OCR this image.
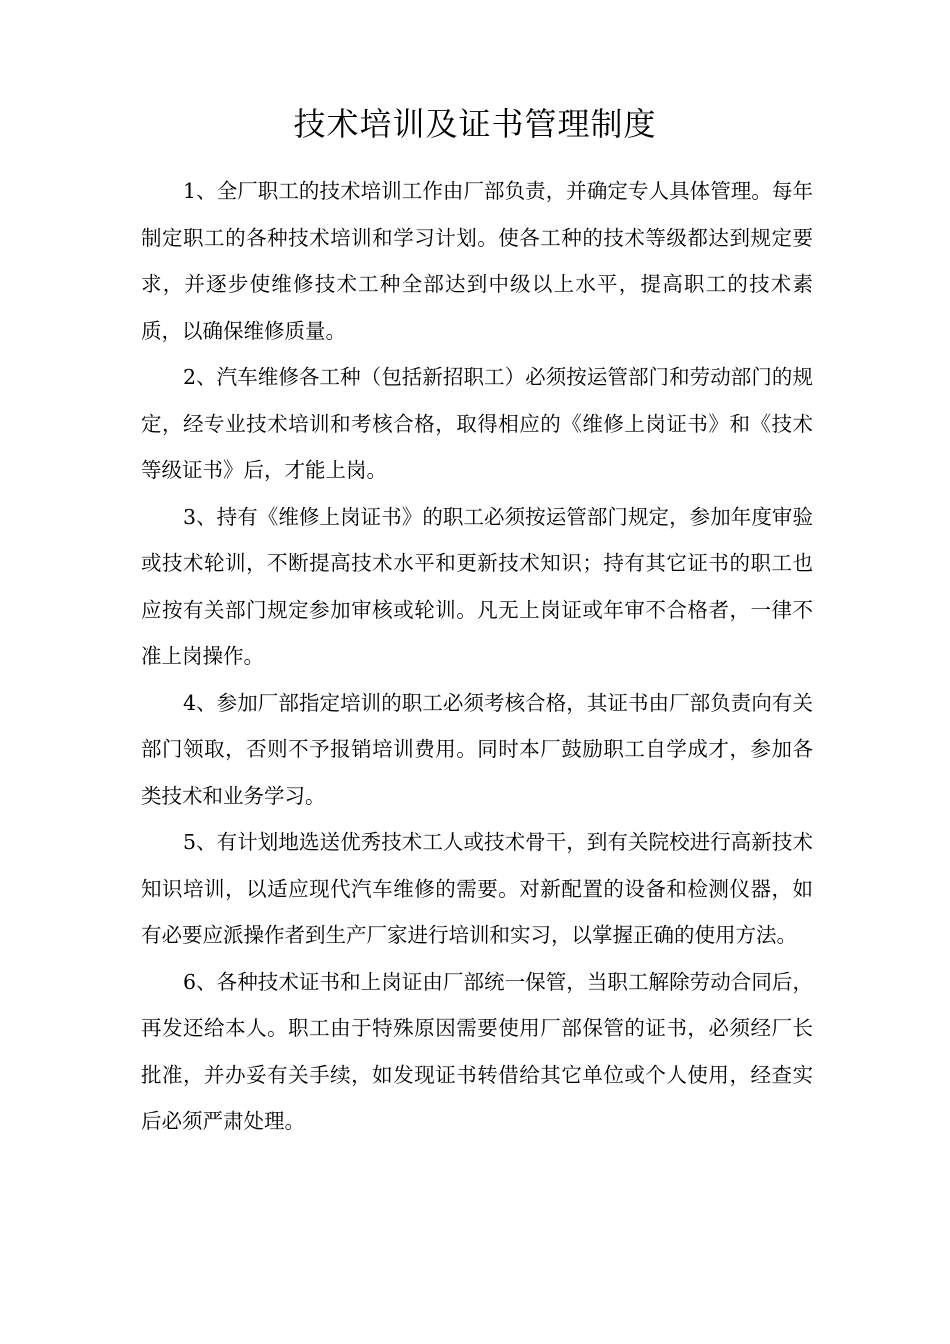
技术培训及证书管理制度

1、全厂职工的技术培训工作由厂部负责，并确定专人具体管理。每年制定职工的各种技术培训和学习计划。使各工种的技术等级都达到规定要求，并逐步使维修技术工种全部达到中级以上水平，提高职工的技术素质，以确保维修质量。

2、汽车维修各工种（包括新招职工）必须按运管部门和劳动部门的规定，经专业技术培训和考核合格，取得相应的《维修上岗证书》和《技术等级证书》后，才能上岗。

3、持有《维修上岗证书》的职工必须按运管部门规定，参加年度审验或技术轮训，不断提高技术水平和更新技术知识；持有其它证书的职工也应按有关部门规定参加审核或轮训。凡无上岗证或年审不合格者，一律不准上岗操作。

4、参加厂部指定培训的职工必须考核合格，其证书由厂部负责向有关部门领取，否则不予报销培训费用。同时本厂鼓励职工自学成才，参加各类技术和业务学习。

5、有计划地选送优秀技术工人或技术骨干，到有关院校进行高新技术知识培训，以适应现代汽车维修的需要。对新配置的设备和检测仪器，如有必要应派操作者到生产厂家进行培训和实习，以掌握正确的使用方法。

6、各种技术证书和上岗证由厂部统一保管，当职工解除劳动合同后，再发还给本人。职工由于特殊原因需要使用厂部保管的证书，必须经厂长批准，并办妥有关手续，如发现证书转借给其它单位或个人使用，经查实后必须严肃处理。
